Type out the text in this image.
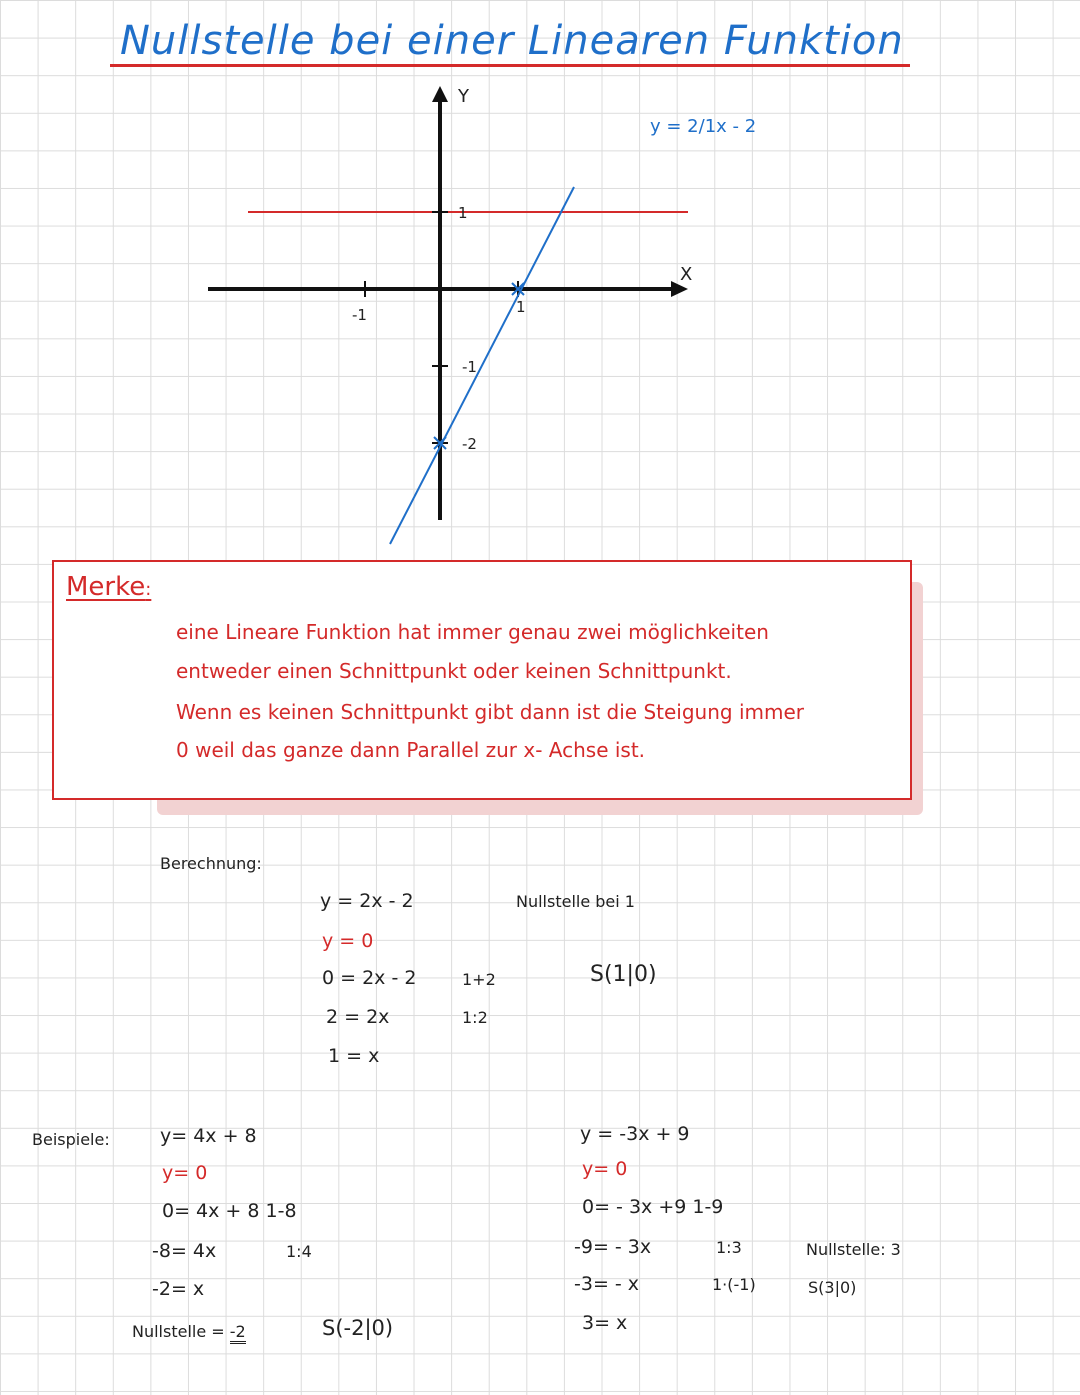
Nullstelle bei einer Linearen Funktion
Y
X
y = 2/1x - 2
-1	1
1
-1
-2
Merke:
eine Lineare Funktion hat immer genau zwei möglichkeiten
entweder einen Schnittpunkt oder keinen Schnittpunkt.
Wenn es keinen Schnittpunkt gibt dann ist die Steigung immer
0 weil das ganze dann Parallel zur x- Achse ist.
Berechnung:
y = 2x - 2
y = 0
0 = 2x - 2
2 = 2x
1 = x
1+2
1:2
Nullstelle bei 1
S(1|0)
Beispiele:	y= 4x + 8
y= 0
0= 4x + 8 1-8
-8= 4x	1:4
-2= x
Nullstelle = -2	S(-2|0)
y = -3x + 9
y= 0
0= - 3x +9 1-9
-9= - 3x
-3= - x
3= x
1:3
1·(-1)
Nullstelle: 3
S(3|0)
